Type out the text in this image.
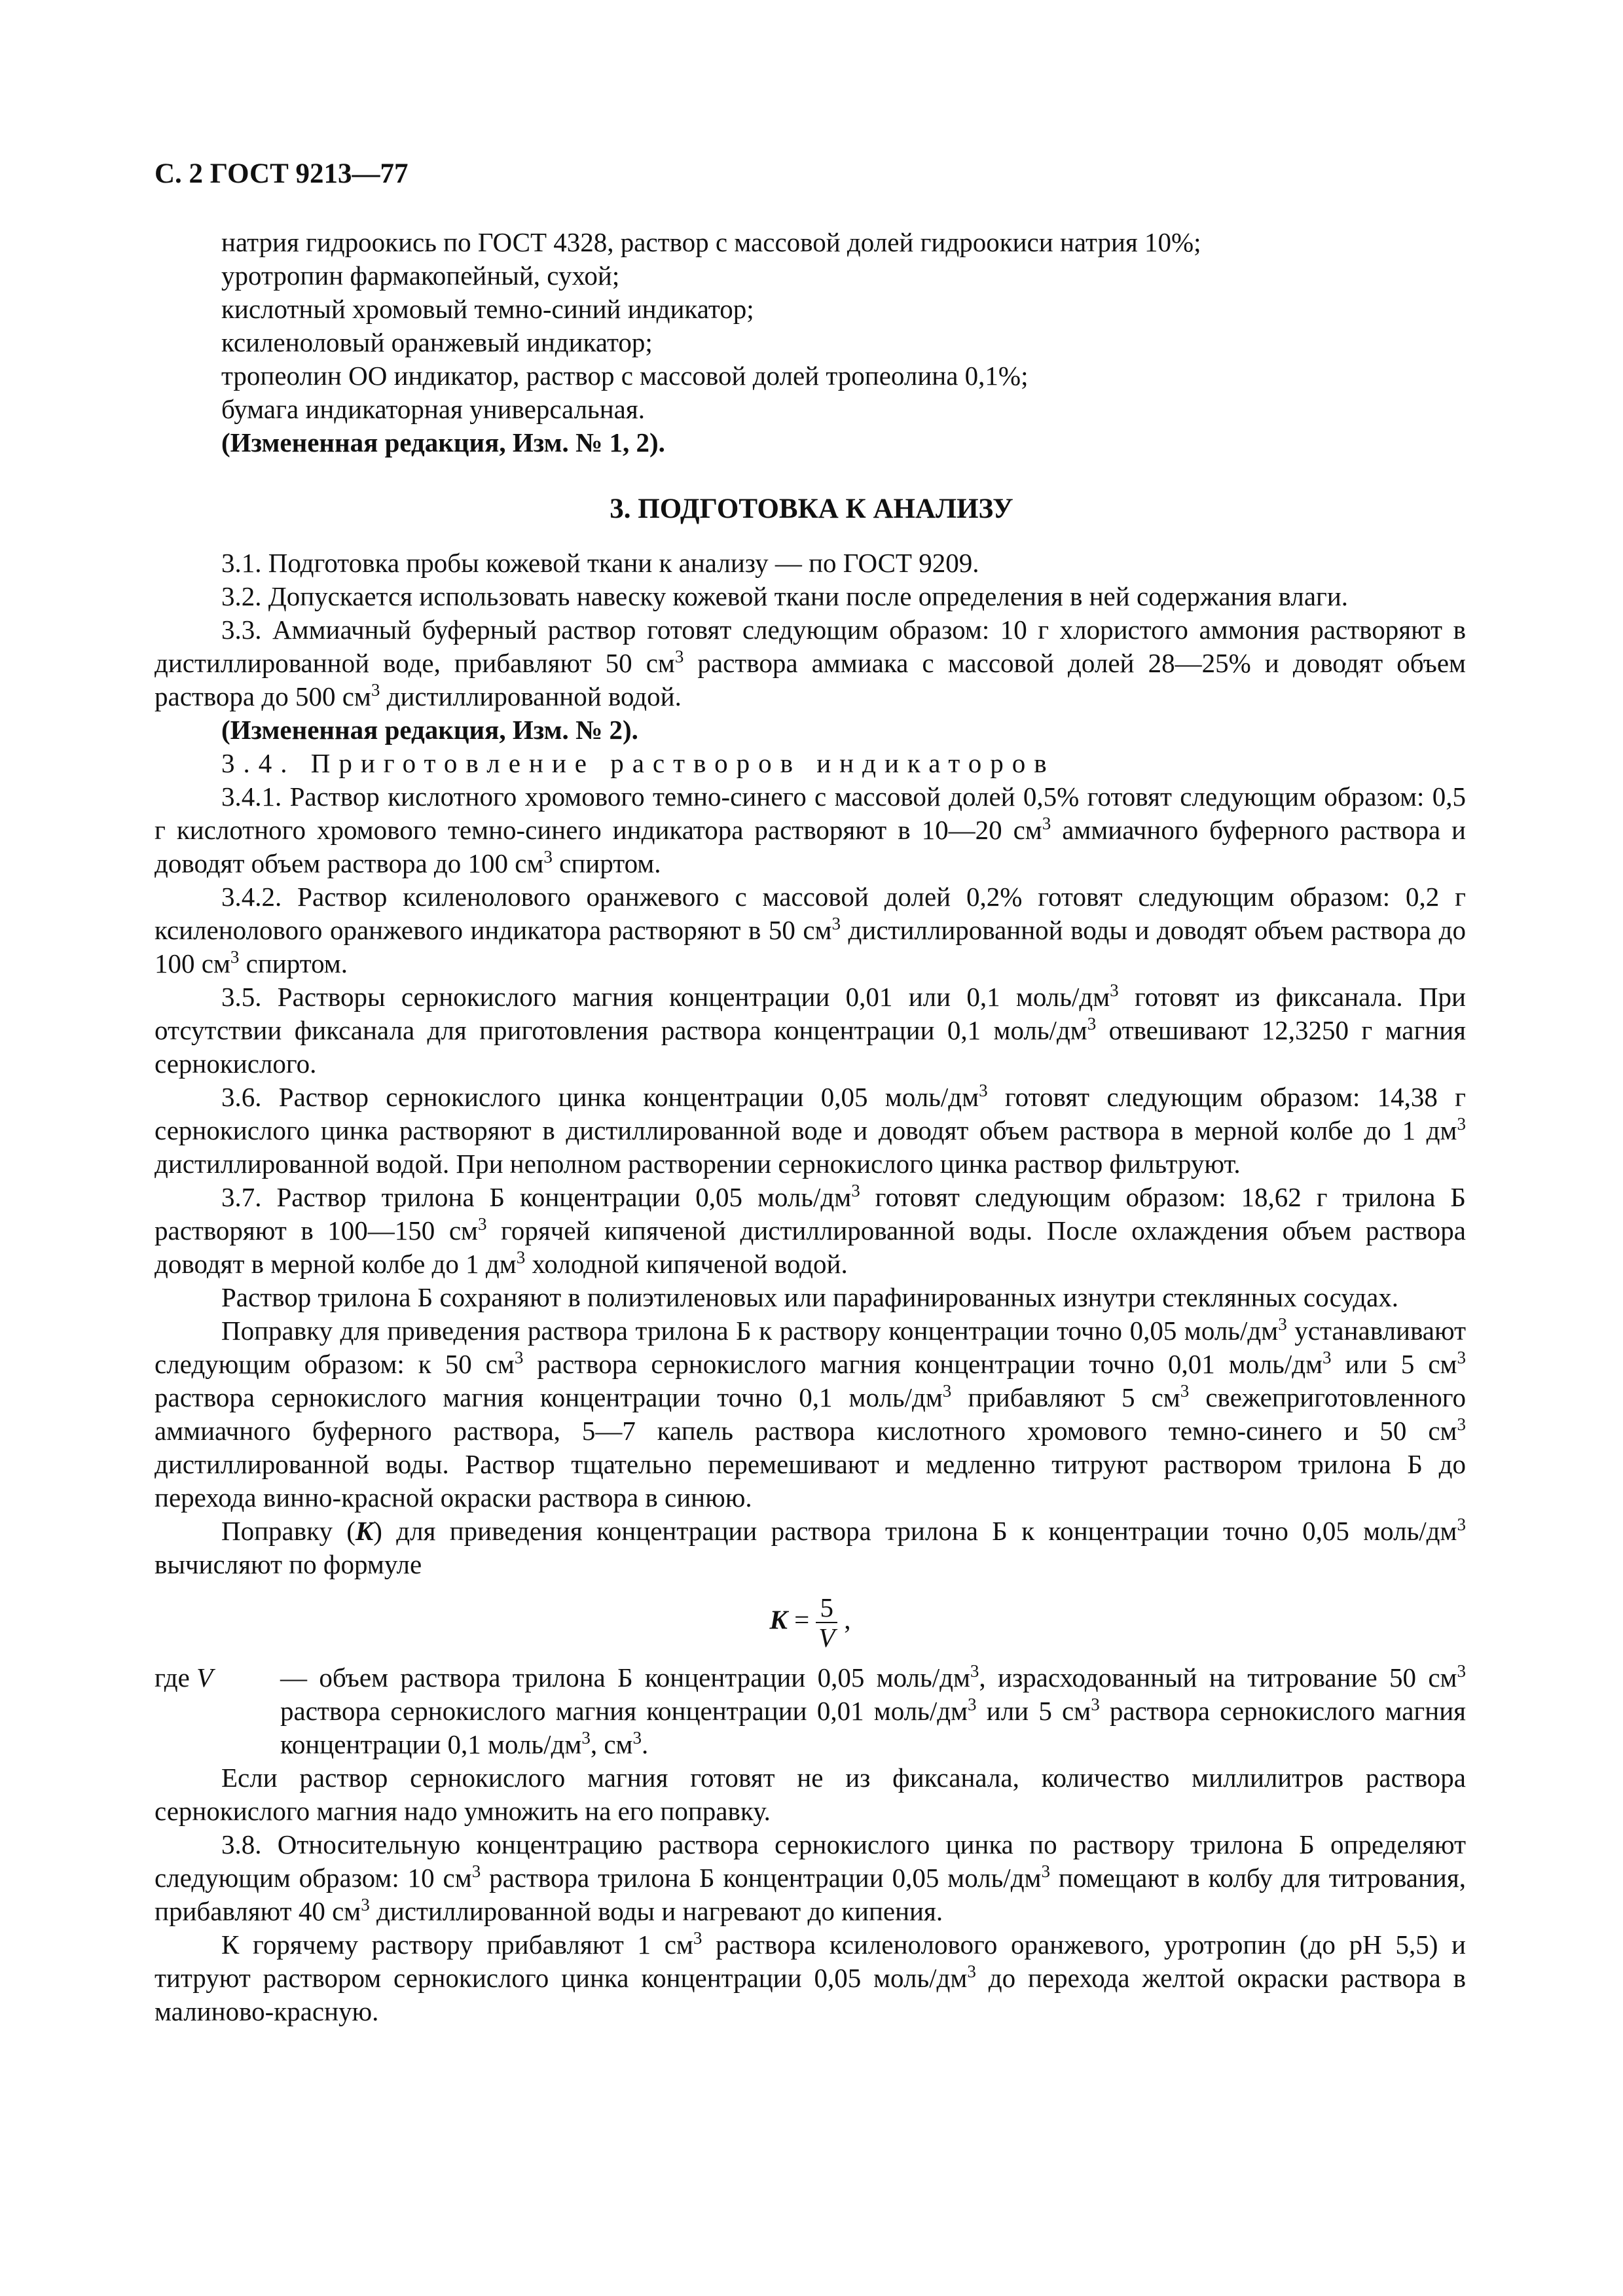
С. 2 ГОСТ 9213—77
натрия гидроокись по ГОСТ 4328, раствор с массовой долей гидроокиси натрия 10%;
уротропин фармакопейный, сухой;
кислотный хромовый темно-синий индикатор;
ксиленоловый оранжевый индикатор;
тропеолин ОО индикатор, раствор с массовой долей тропеолина 0,1%;
бумага индикаторная универсальная.
(Измененная редакция, Изм. № 1, 2).
3. ПОДГОТОВКА К АНАЛИЗУ

3.1. Подготовка пробы кожевой ткани к анализу — по ГОСТ 9209.

3.2. Допускается использовать навеску кожевой ткани после определения в ней содержания влаги.

3.3. Аммиачный буферный раствор готовят следующим образом: 10 г хлористого аммония растворяют в дистиллированной воде, прибавляют 50 $см^3$ раствора аммиака с массовой долей 28—25% и доводят объем раствора до 500 $см^3$ дистиллированной водой.

(Измененная редакция, Изм. № 2).

3.4. Приготовление растворов индикаторов

3.4.1. Раствор кислотного хромового темно-синего с массовой долей 0,5% готовят следующим образом: 0,5 г кислотного хромового темно-синего индикатора растворяют в 10—20 $см^3$ аммиачного буферного раствора и доводят объем раствора до 100 $см^3$ спиртом.

3.4.2. Раствор ксиленолового оранжевого с массовой долей 0,2% готовят следующим образом: 0,2 г ксиленолового оранжевого индикатора растворяют в 50 $см^3$ дистиллированной воды и доводят объем раствора до 100 $см^3$ спиртом.

3.5. Растворы сернокислого магния концентрации 0,01 или 0,1 моль/$дм^3$ готовят из фиксанала. При отсутствии фиксанала для приготовления раствора концентрации 0,1 моль/$дм^3$ отвешивают 12,3250 г магния сернокислого.

3.6. Раствор сернокислого цинка концентрации 0,05 моль/$дм^3$ готовят следующим образом: 14,38 г сернокислого цинка растворяют в дистиллированной воде и доводят объем раствора в мерной колбе до 1 $дм^3$ дистиллированной водой. При неполном растворении сернокислого цинка раствор фильтруют.

3.7. Раствор трилона Б концентрации 0,05 моль/$дм^3$ готовят следующим образом: 18,62 г трилона Б растворяют в 100—150 $см^3$ горячей кипяченой дистиллированной воды. После охлаждения объем раствора доводят в мерной колбе до 1 $дм^3$ холодной кипяченой водой.

Раствор трилона Б сохраняют в полиэтиленовых или парафинированных изнутри стеклянных сосудах.

Поправку для приведения раствора трилона Б к раствору концентрации точно 0,05 моль/$дм^3$ устанавливают следующим образом: к 50 $см^3$ раствора сернокислого магния концентрации точно 0,01 моль/$дм^3$ или 5 $см^3$ раствора сернокислого магния концентрации точно 0,1 моль/$дм^3$ прибавляют 5 $см^3$ свежеприготовленного аммиачного буферного раствора, 5—7 капель раствора кислотного хромового темно-синего и 50 $см^3$ дистиллированной воды. Раствор тщательно перемешивают и медленно титруют раствором трилона Б до перехода винно-красной окраски раствора в синюю.

Поправку (K) для приведения концентрации раствора трилона Б к концентрации точно 0,05 моль/$дм^3$ вычисляют по формуле

$K = \frac{5}{V}$ ,
где V	— объем раствора трилона Б концентрации 0,05 моль/$дм^3$, израсходованный на титрование 50 $см^3$ раствора сернокислого магния концентрации 0,01 моль/$дм^3$ или 5 $см^3$ раствора сернокислого магния концентрации 0,1 моль/$дм^3$, $см^3$.

Если раствор сернокислого магния готовят не из фиксанала, количество миллилитров раствора сернокислого магния надо умножить на его поправку.

3.8. Относительную концентрацию раствора сернокислого цинка по раствору трилона Б определяют следующим образом: 10 $см^3$ раствора трилона Б концентрации 0,05 моль/$дм^3$ помещают в колбу для титрования, прибавляют 40 $см^3$ дистиллированной воды и нагревают до кипения.

К горячему раствору прибавляют 1 $см^3$ раствора ксиленолового оранжевого, уротропин (до рН 5,5) и титруют раствором сернокислого цинка концентрации 0,05 моль/$дм^3$ до перехода желтой окраски раствора в малиново-красную.
